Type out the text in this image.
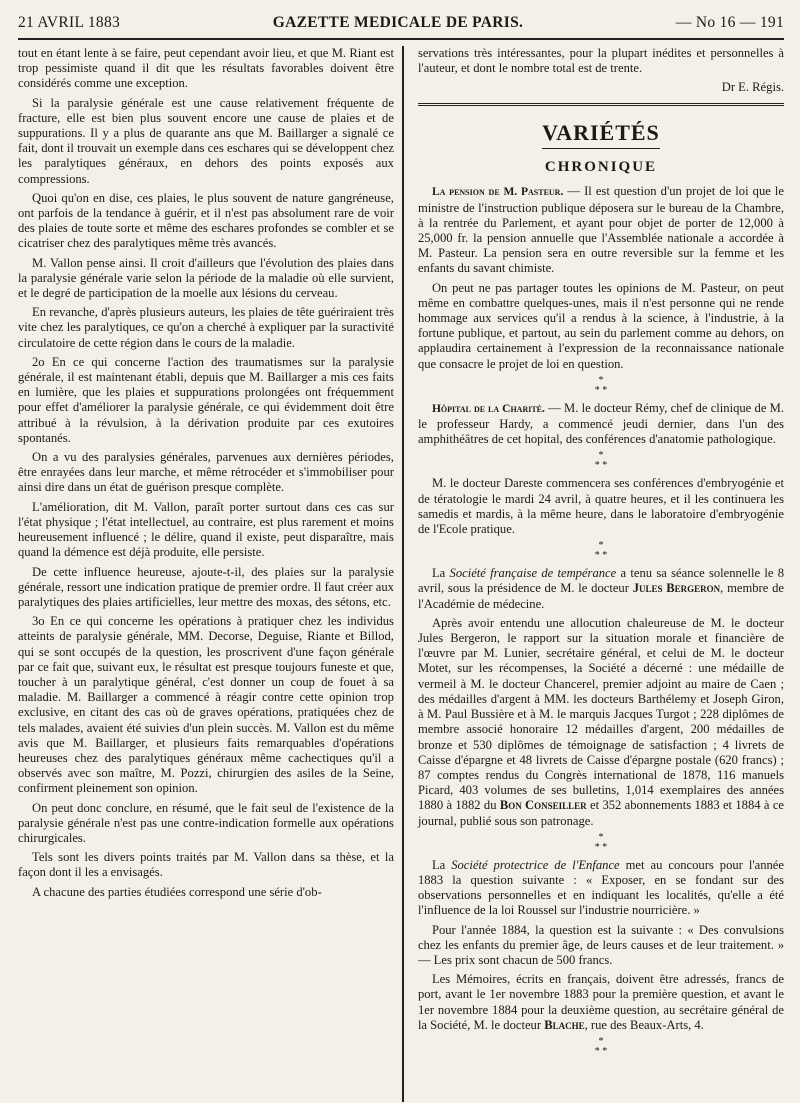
21 AVRIL 1883	GAZETTE MEDICALE DE PARIS.	— No 16 — 191

tout en étant lente à se faire, peut cependant avoir lieu, et que M. Riant est trop pessimiste quand il dit que les résultats favorables doivent être considérés comme une exception.

Si la paralysie générale est une cause relativement fréquente de fracture, elle est bien plus souvent encore une cause de plaies et de suppurations. Il y a plus de quarante ans que M. Baillarger a signalé ce fait, dont il trouvait un exemple dans ces eschares qui se développent chez les paralytiques généraux, en dehors des points exposés aux compressions.

Quoi qu'on en dise, ces plaies, le plus souvent de nature gangréneuse, ont parfois de la tendance à guérir, et il n'est pas absolument rare de voir des plaies de toute sorte et même des eschares profondes se combler et se cicatriser chez des paralytiques même très avancés.

M. Vallon pense ainsi. Il croit d'ailleurs que l'évolution des plaies dans la paralysie générale varie selon la période de la maladie où elle survient, et le degré de participation de la moelle aux lésions du cerveau.

En revanche, d'après plusieurs auteurs, les plaies de tête guériraient très vite chez les paralytiques, ce qu'on a cherché à expliquer par la suractivité circulatoire de cette région dans le cours de la maladie.

2o En ce qui concerne l'action des traumatismes sur la paralysie générale, il est maintenant établi, depuis que M. Baillarger a mis ces faits en lumière, que les plaies et suppurations prolongées ont fréquemment pour effet d'améliorer la paralysie générale, ce qui évidemment doit être attribué à la révulsion, à la dérivation produite par ces exutoires spontanés.

On a vu des paralysies générales, parvenues aux dernières périodes, être enrayées dans leur marche, et même rétrocéder et s'immobiliser pour ainsi dire dans un état de guérison presque complète.

L'amélioration, dit M. Vallon, paraît porter surtout dans ces cas sur l'état physique ; l'état intellectuel, au contraire, est plus rarement et moins heureusement influencé ; le délire, quand il existe, peut disparaître, mais quand la démence est déjà produite, elle persiste.

De cette influence heureuse, ajoute-t-il, des plaies sur la paralysie générale, ressort une indication pratique de premier ordre. Il faut créer aux paralytiques des plaies artificielles, leur mettre des moxas, des sétons, etc.

3o En ce qui concerne les opérations à pratiquer chez les individus atteints de paralysie générale, MM. Decorse, Deguise, Riante et Billod, qui se sont occupés de la question, les proscrivent d'une façon générale par ce fait que, suivant eux, le résultat est presque toujours funeste et que, toucher à un paralytique général, c'est donner un coup de fouet à sa maladie. M. Baillarger a commencé à réagir contre cette opinion trop exclusive, en citant des cas où de graves opérations, pratiquées chez de tels malades, avaient été suivies d'un plein succès. M. Vallon est du même avis que M. Baillarger, et plusieurs faits remarquables d'opérations heureuses chez des paralytiques généraux même cachectiques qu'il a observés avec son maître, M. Pozzi, chirurgien des asiles de la Seine, confirment pleinement son opinion.

On peut donc conclure, en résumé, que le fait seul de l'existence de la paralysie générale n'est pas une contre-indication formelle aux opérations chirurgicales.

Tels sont les divers points traités par M. Vallon dans sa thèse, et la façon dont il les a envisagés.

A chacune des parties étudiées correspond une série d'ob-

servations très intéressantes, pour la plupart inédites et personnelles à l'auteur, et dont le nombre total est de trente.

Dr E. Régis.
VARIÉTÉS
CHRONIQUE

La pension de M. Pasteur. — Il est question d'un projet de loi que le ministre de l'instruction publique déposera sur le bureau de la Chambre, à la rentrée du Parlement, et ayant pour objet de porter de 12,000 à 25,000 fr. la pension annuelle que l'Assemblée nationale a accordée à M. Pasteur. La pension sera en outre reversible sur la femme et les enfants du savant chimiste.

On peut ne pas partager toutes les opinions de M. Pasteur, on peut même en combattre quelques-unes, mais il n'est personne qui ne rende hommage aux services qu'il a rendus à la science, à l'industrie, à la fortune publique, et partout, au sein du parlement comme au dehors, on applaudira certainement à l'expression de la reconnaissance nationale que consacre le projet de loi en question.

*
* *

Hôpital de la Charité. — M. le docteur Rémy, chef de clinique de M. le professeur Hardy, a commencé jeudi dernier, dans l'un des amphithéâtres de cet hopital, des conférences d'anatomie pathologique.

*
* *

M. le docteur Dareste commencera ses conférences d'embryogénie et de tératologie le mardi 24 avril, à quatre heures, et il les continuera les samedis et mardis, à la même heure, dans le laboratoire d'embryogénie de l'Ecole pratique.

*
* *

La Société française de tempérance a tenu sa séance solennelle le 8 avril, sous la présidence de M. le docteur Jules Bergeron, membre de l'Académie de médecine.

Après avoir entendu une allocution chaleureuse de M. le docteur Jules Bergeron, le rapport sur la situation morale et financière de l'œuvre par M. Lunier, secrétaire général, et celui de M. le docteur Motet, sur les récompenses, la Société a décerné : une médaille de vermeil à M. le docteur Chancerel, premier adjoint au maire de Caen ; des médailles d'argent à MM. les docteurs Barthélemy et Joseph Giron, à M. Paul Bussière et à M. le marquis Jacques Turgot ; 228 diplômes de membre associé honoraire 12 médailles d'argent, 200 médailles de bronze et 530 diplômes de témoignage de satisfaction ; 4 livrets de Caisse d'épargne et 48 livrets de Caisse d'épargne postale (620 francs) ; 87 comptes rendus du Congrès international de 1878, 116 manuels Picard, 403 volumes de ses bulletins, 1,014 exemplaires des années 1880 à 1882 du Bon Conseiller et 352 abonnements 1883 et 1884 à ce journal, publié sous son patronage.

*
* *

La Société protectrice de l'Enfance met au concours pour l'année 1883 la question suivante : « Exposer, en se fondant sur des observations personnelles et en indiquant les localités, qu'elle a été l'influence de la loi Roussel sur l'industrie nourricière. »

Pour l'année 1884, la question est la suivante : « Des convulsions chez les enfants du premier âge, de leurs causes et de leur traitement. » — Les prix sont chacun de 500 francs.

Les Mémoires, écrits en français, doivent être adressés, francs de port, avant le 1er novembre 1883 pour la première question, et avant le 1er novembre 1884 pour la deuxième question, au secrétaire général de la Société, M. le docteur Blache, rue des Beaux-Arts, 4.

*
* *
